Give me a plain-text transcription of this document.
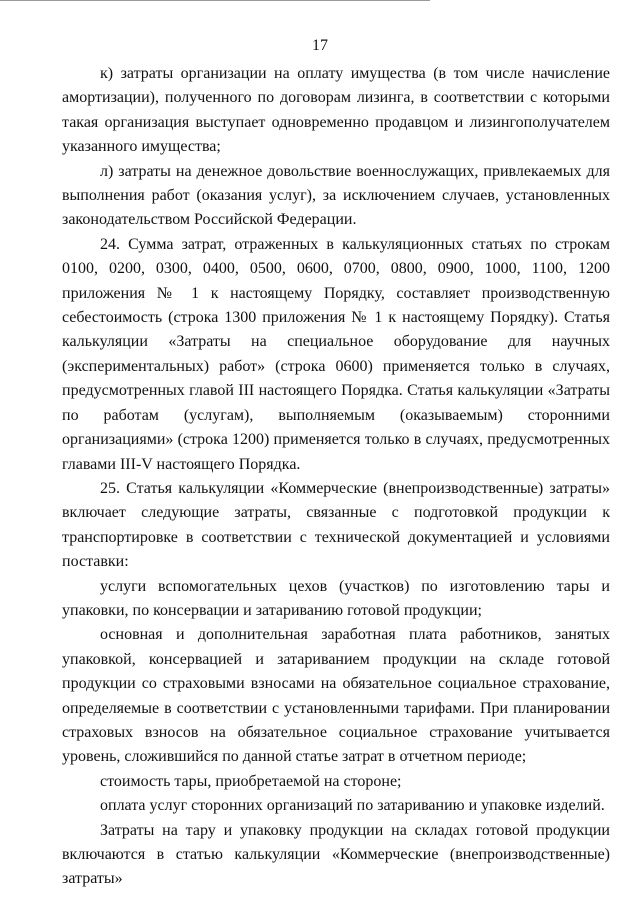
17

к) затраты организации на оплату имущества (в том числе начисление амортизации), полученного по договорам лизинга, в соответствии с которыми такая организация выступает одновременно продавцом и лизингополучателем указанного имущества;

л) затраты на денежное довольствие военнослужащих, привлекаемых для выполнения работ (оказания услуг), за исключением случаев, установленных законодательством Российской Федерации.

24. Сумма затрат, отраженных в калькуляционных статьях по строкам 0100, 0200, 0300, 0400, 0500, 0600, 0700, 0800, 0900, 1000, 1100, 1200 приложения № 1 к настоящему Порядку, составляет производственную себестоимость (строка 1300 приложения № 1 к настоящему Порядку). Статья калькуляции «Затраты на специальное оборудование для научных (экспериментальных) работ» (строка 0600) применяется только в случаях, предусмотренных главой III настоящего Порядка. Статья калькуляции «Затраты по работам (услугам), выполняемым (оказываемым) сторонними организациями» (строка 1200) применяется только в случаях, предусмотренных главами III-V настоящего Порядка.

25. Статья калькуляции «Коммерческие (внепроизводственные) затраты» включает следующие затраты, связанные с подготовкой продукции к транспортировке в соответствии с технической документацией и условиями поставки:

услуги вспомогательных цехов (участков) по изготовлению тары и упаковки, по консервации и затариванию готовой продукции;

основная и дополнительная заработная плата работников, занятых упаковкой, консервацией и затариванием продукции на складе готовой продукции со страховыми взносами на обязательное социальное страхование, определяемые в соответствии с установленными тарифами. При планировании страховых взносов на обязательное социальное страхование учитывается уровень, сложившийся по данной статье затрат в отчетном периоде;

стоимость тары, приобретаемой на стороне;

оплата услуг сторонних организаций по затариванию и упаковке изделий.

Затраты на тару и упаковку продукции на складах готовой продукции включаются в статью калькуляции «Коммерческие (внепроизводственные) затраты»
